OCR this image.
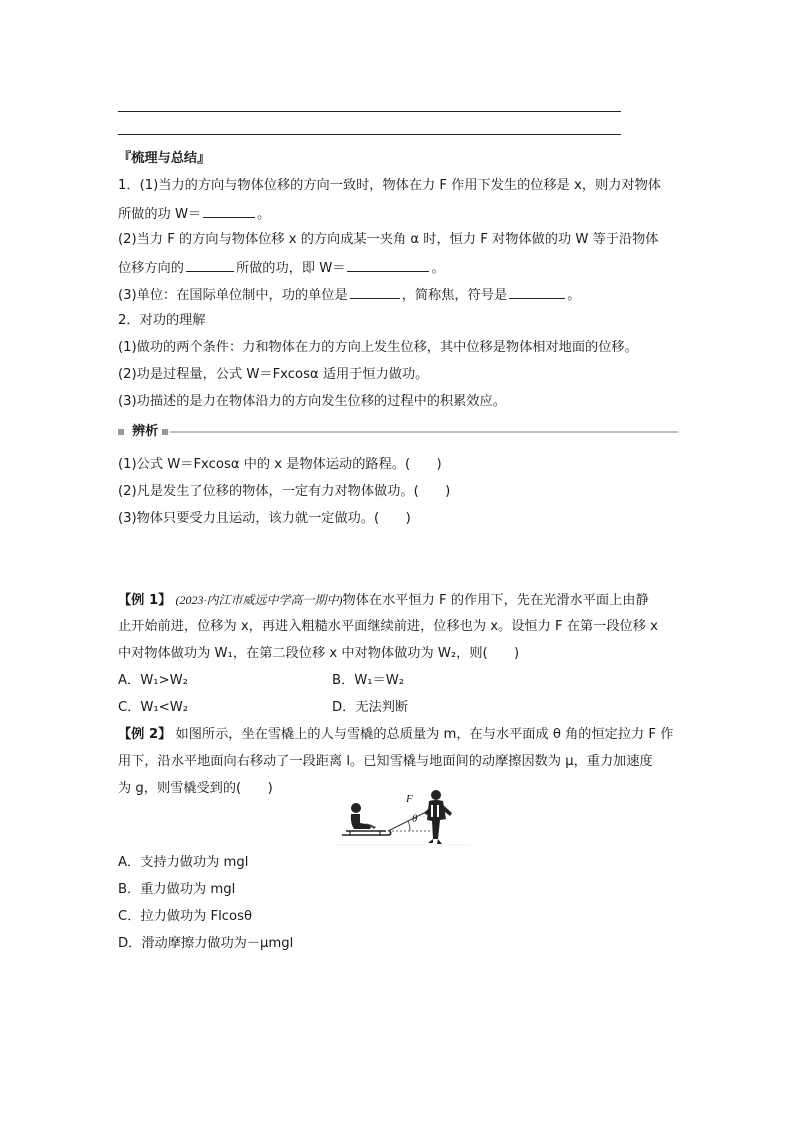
『梳理与总结』
1．(1)当力的方向与物体位移的方向一致时，物体在力 F 作用下发生的位移是 x，则力对物体
所做的功 W＝	。
(2)当力 F 的方向与物体位移 x 的方向成某一夹角 α 时，恒力 F 对物体做的功 W 等于沿物体
位移方向的	所做的功，即 W＝	。
(3)单位：在国际单位制中，功的单位是	，简称焦，符号是	。
2．对功的理解
(1)做功的两个条件：力和物体在力的方向上发生位移，其中位移是物体相对地面的位移。
(2)功是过程量，公式 W＝Fxcosα 适用于恒力做功。
(3)功描述的是力在物体沿力的方向发生位移的过程中的积累效应。
辨析
(1)公式 W＝Fxcosα 中的 x 是物体运动的路程。(　　)
(2)凡是发生了位移的物体，一定有力对物体做功。(　　)
(3)物体只要受力且运动，该力就一定做功。(　　)
【例 1】 (2023·内江市威远中学高一期中)物体在水平恒力 F 的作用下，先在光滑水平面上由静
止开始前进，位移为 x，再进入粗糙水平面继续前进，位移也为 x。设恒力 F 在第一段位移 x
中对物体做功为 W₁，在第二段位移 x 中对物体做功为 W₂，则(　　)
A．W₁>W₂	B．W₁＝W₂
C．W₁<W₂	D．无法判断
【例 2】 如图所示，坐在雪橇上的人与雪橇的总质量为 m，在与水平面成 θ 角的恒定拉力 F 作
用下，沿水平地面向右移动了一段距离 l。已知雪橇与地面间的动摩擦因数为 μ，重力加速度
为 g，则雪橇受到的(　　)
F
θ
A．支持力做功为 mgl
B．重力做功为 mgl
C．拉力做功为 Flcosθ
D．滑动摩擦力做功为－μmgl
